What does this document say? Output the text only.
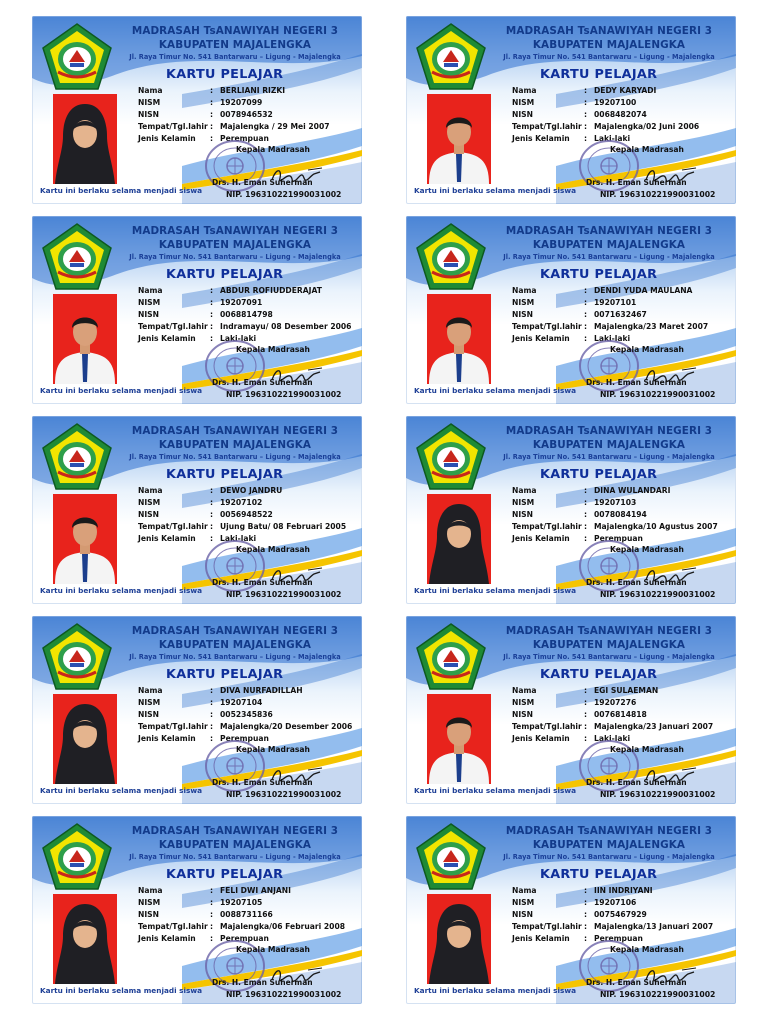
MADRASAH TsANAWIYAH NEGERI 3
KABUPATEN MAJALENGKA
Jl. Raya Timur No. 541 Bantarwaru – Ligung - Majalengka
KARTU PELAJAR
Nama	: BERLIANI RIZKI
NISM	: 19207099
NISN	: 0078946532
Tempat/Tgl.lahir : Majalengka / 29 Mei 2007
Jenis Kelamin : Perempuan
Kepala Madrasah
Kartu ini berlaku selama menjadi siswa
Drs. H. Eman Suherman
NIP. 196310221990031002
MADRASAH TsANAWIYAH NEGERI 3
KABUPATEN MAJALENGKA
Jl. Raya Timur No. 541 Bantarwaru – Ligung - Majalengka
KARTU PELAJAR
Nama	: DEDY KARYADI
NISM	: 19207100
NISN	: 0068482074
Tempat/Tgl.lahir : Majalengka/02 Juni 2006
Jenis Kelamin : Laki-laki
Kepala Madrasah
Kartu ini berlaku selama menjadi siswa
Drs. H. Eman Suherman
NIP. 196310221990031002
MADRASAH TsANAWIYAH NEGERI 3
KABUPATEN MAJALENGKA
Jl. Raya Timur No. 541 Bantarwaru – Ligung - Majalengka
KARTU PELAJAR
Nama	: ABDUR ROFIUDDERAJAT
NISM	: 19207091
NISN	: 0068814798
Tempat/Tgl.lahir : Indramayu/ 08 Desember 2006
Jenis Kelamin : Laki-laki
Kepala Madrasah
Kartu ini berlaku selama menjadi siswa
Drs. H. Eman Suherman
NIP. 196310221990031002
MADRASAH TsANAWIYAH NEGERI 3
KABUPATEN MAJALENGKA
Jl. Raya Timur No. 541 Bantarwaru – Ligung - Majalengka
KARTU PELAJAR
Nama	: DENDI YUDA MAULANA
NISM	: 19207101
NISN	: 0071632467
Tempat/Tgl.lahir : Majalengka/23 Maret 2007
Jenis Kelamin : Laki-laki
Kepala Madrasah
Kartu ini berlaku selama menjadi siswa
Drs. H. Eman Suherman
NIP. 196310221990031002
MADRASAH TsANAWIYAH NEGERI 3
KABUPATEN MAJALENGKA
Jl. Raya Timur No. 541 Bantarwaru – Ligung - Majalengka
KARTU PELAJAR
Nama	: DEWO JANDRU
NISM	: 19207102
NISN	: 0056948522
Tempat/Tgl.lahir : Ujung Batu/ 08 Februari 2005
Jenis Kelamin : Laki-laki
Kepala Madrasah
Kartu ini berlaku selama menjadi siswa
Drs. H. Eman Suherman
NIP. 196310221990031002
MADRASAH TsANAWIYAH NEGERI 3
KABUPATEN MAJALENGKA
Jl. Raya Timur No. 541 Bantarwaru – Ligung - Majalengka
KARTU PELAJAR
Nama	: DINA WULANDARI
NISM	: 19207103
NISN	: 0078084194
Tempat/Tgl.lahir : Majalengka/10 Agustus 2007
Jenis Kelamin : Perempuan
Kepala Madrasah
Kartu ini berlaku selama menjadi siswa
Drs. H. Eman Suherman
NIP. 196310221990031002
MADRASAH TsANAWIYAH NEGERI 3
KABUPATEN MAJALENGKA
Jl. Raya Timur No. 541 Bantarwaru – Ligung - Majalengka
KARTU PELAJAR
Nama	: DIVA NURFADILLAH
NISM	: 19207104
NISN	: 0052345836
Tempat/Tgl.lahir : Majalengka/20 Desember 2006
Jenis Kelamin : Perempuan
Kepala Madrasah
Kartu ini berlaku selama menjadi siswa
Drs. H. Eman Suherman
NIP. 196310221990031002
MADRASAH TsANAWIYAH NEGERI 3
KABUPATEN MAJALENGKA
Jl. Raya Timur No. 541 Bantarwaru – Ligung - Majalengka
KARTU PELAJAR
Nama	: EGI SULAEMAN
NISM	: 19207276
NISN	: 0076814818
Tempat/Tgl.lahir : Majalengka/23 Januari 2007
Jenis Kelamin : Laki-laki
Kepala Madrasah
Kartu ini berlaku selama menjadi siswa
Drs. H. Eman Suherman
NIP. 196310221990031002
MADRASAH TsANAWIYAH NEGERI 3
KABUPATEN MAJALENGKA
Jl. Raya Timur No. 541 Bantarwaru – Ligung - Majalengka
KARTU PELAJAR
Nama	: FELI DWI ANJANI
NISM	: 19207105
NISN	: 0088731166
Tempat/Tgl.lahir : Majalengka/06 Februari 2008
Jenis Kelamin : Perempuan
Kepala Madrasah
Kartu ini berlaku selama menjadi siswa
Drs. H. Eman Suherman
NIP. 196310221990031002
MADRASAH TsANAWIYAH NEGERI 3
KABUPATEN MAJALENGKA
Jl. Raya Timur No. 541 Bantarwaru – Ligung - Majalengka
KARTU PELAJAR
Nama	: IIN INDRIYANI
NISM	: 19207106
NISN	: 0075467929
Tempat/Tgl.lahir : Majalengka/13 Januari 2007
Jenis Kelamin : Perempuan
Kepala Madrasah
Kartu ini berlaku selama menjadi siswa
Drs. H. Eman Suherman
NIP. 196310221990031002
